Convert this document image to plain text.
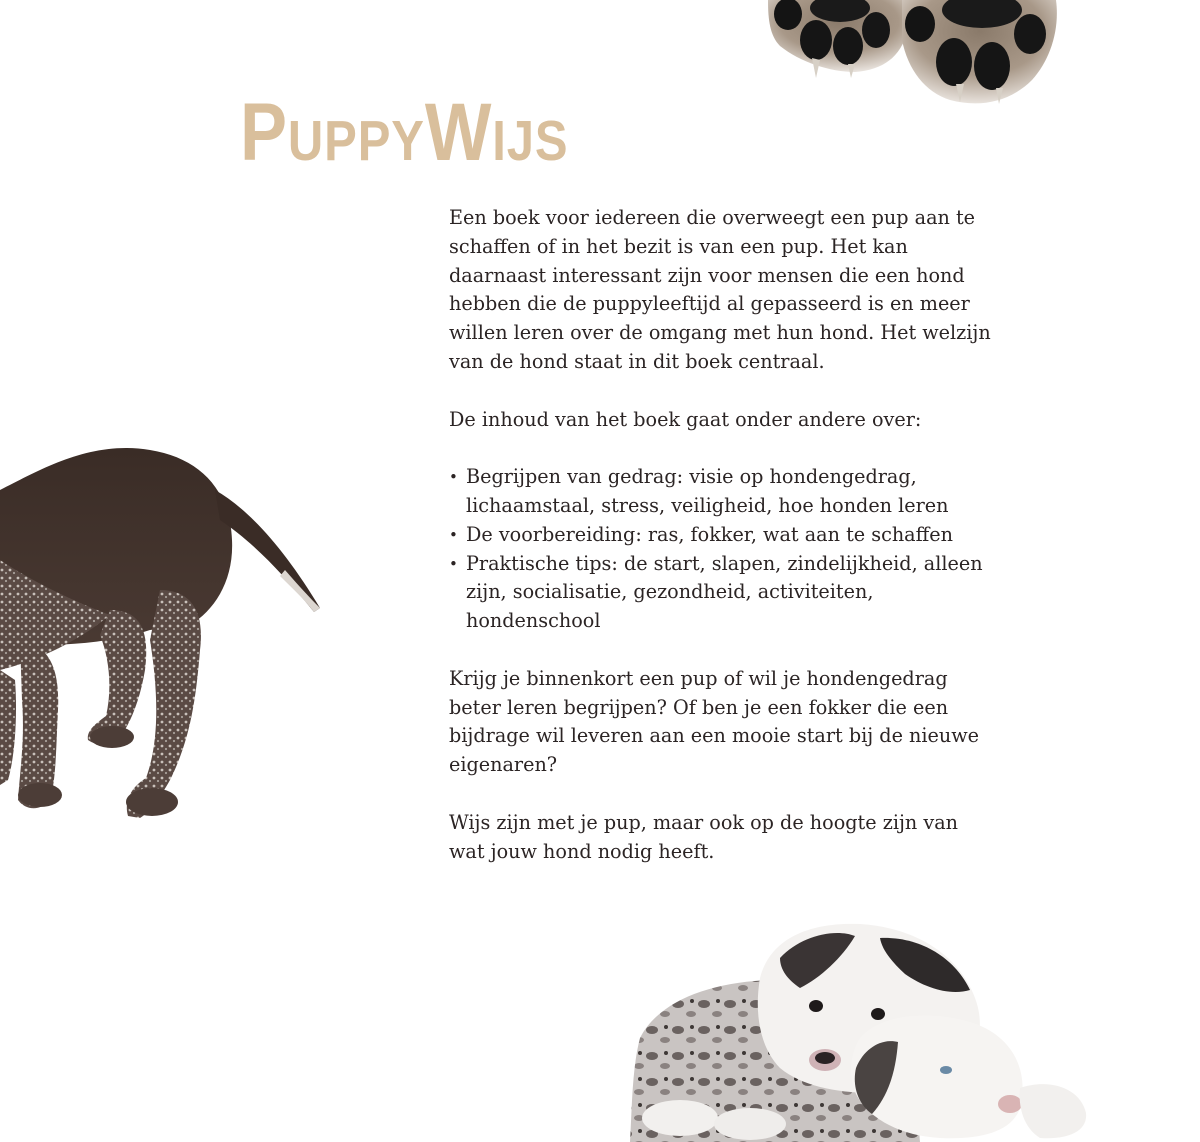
PuppyWijs

Een boek voor iedereen die overweegt een pup aan te schaffen of in het bezit is van een pup. Het kan daarnaast interessant zijn voor mensen die een hond hebben die de puppyleeftijd al gepasseerd is en meer willen leren over de omgang met hun hond. Het welzijn van de hond staat in dit boek centraal.

De inhoud van het boek gaat onder andere over:

• Begrijpen van gedrag: visie op hondengedrag, lichaamstaal, stress, veiligheid, hoe honden leren
• De voorbereiding: ras, fokker, wat aan te schaffen
• Praktische tips: de start, slapen, zindelijkheid, alleen zijn, socialisatie, gezondheid, activiteiten, hondenschool

Krijg je binnenkort een pup of wil je hondengedrag beter leren begrijpen? Of ben je een fokker die een bijdrage wil leveren aan een mooie start bij de nieuwe eigenaren?

Wijs zijn met je pup, maar ook op de hoogte zijn van wat jouw hond nodig heeft.
